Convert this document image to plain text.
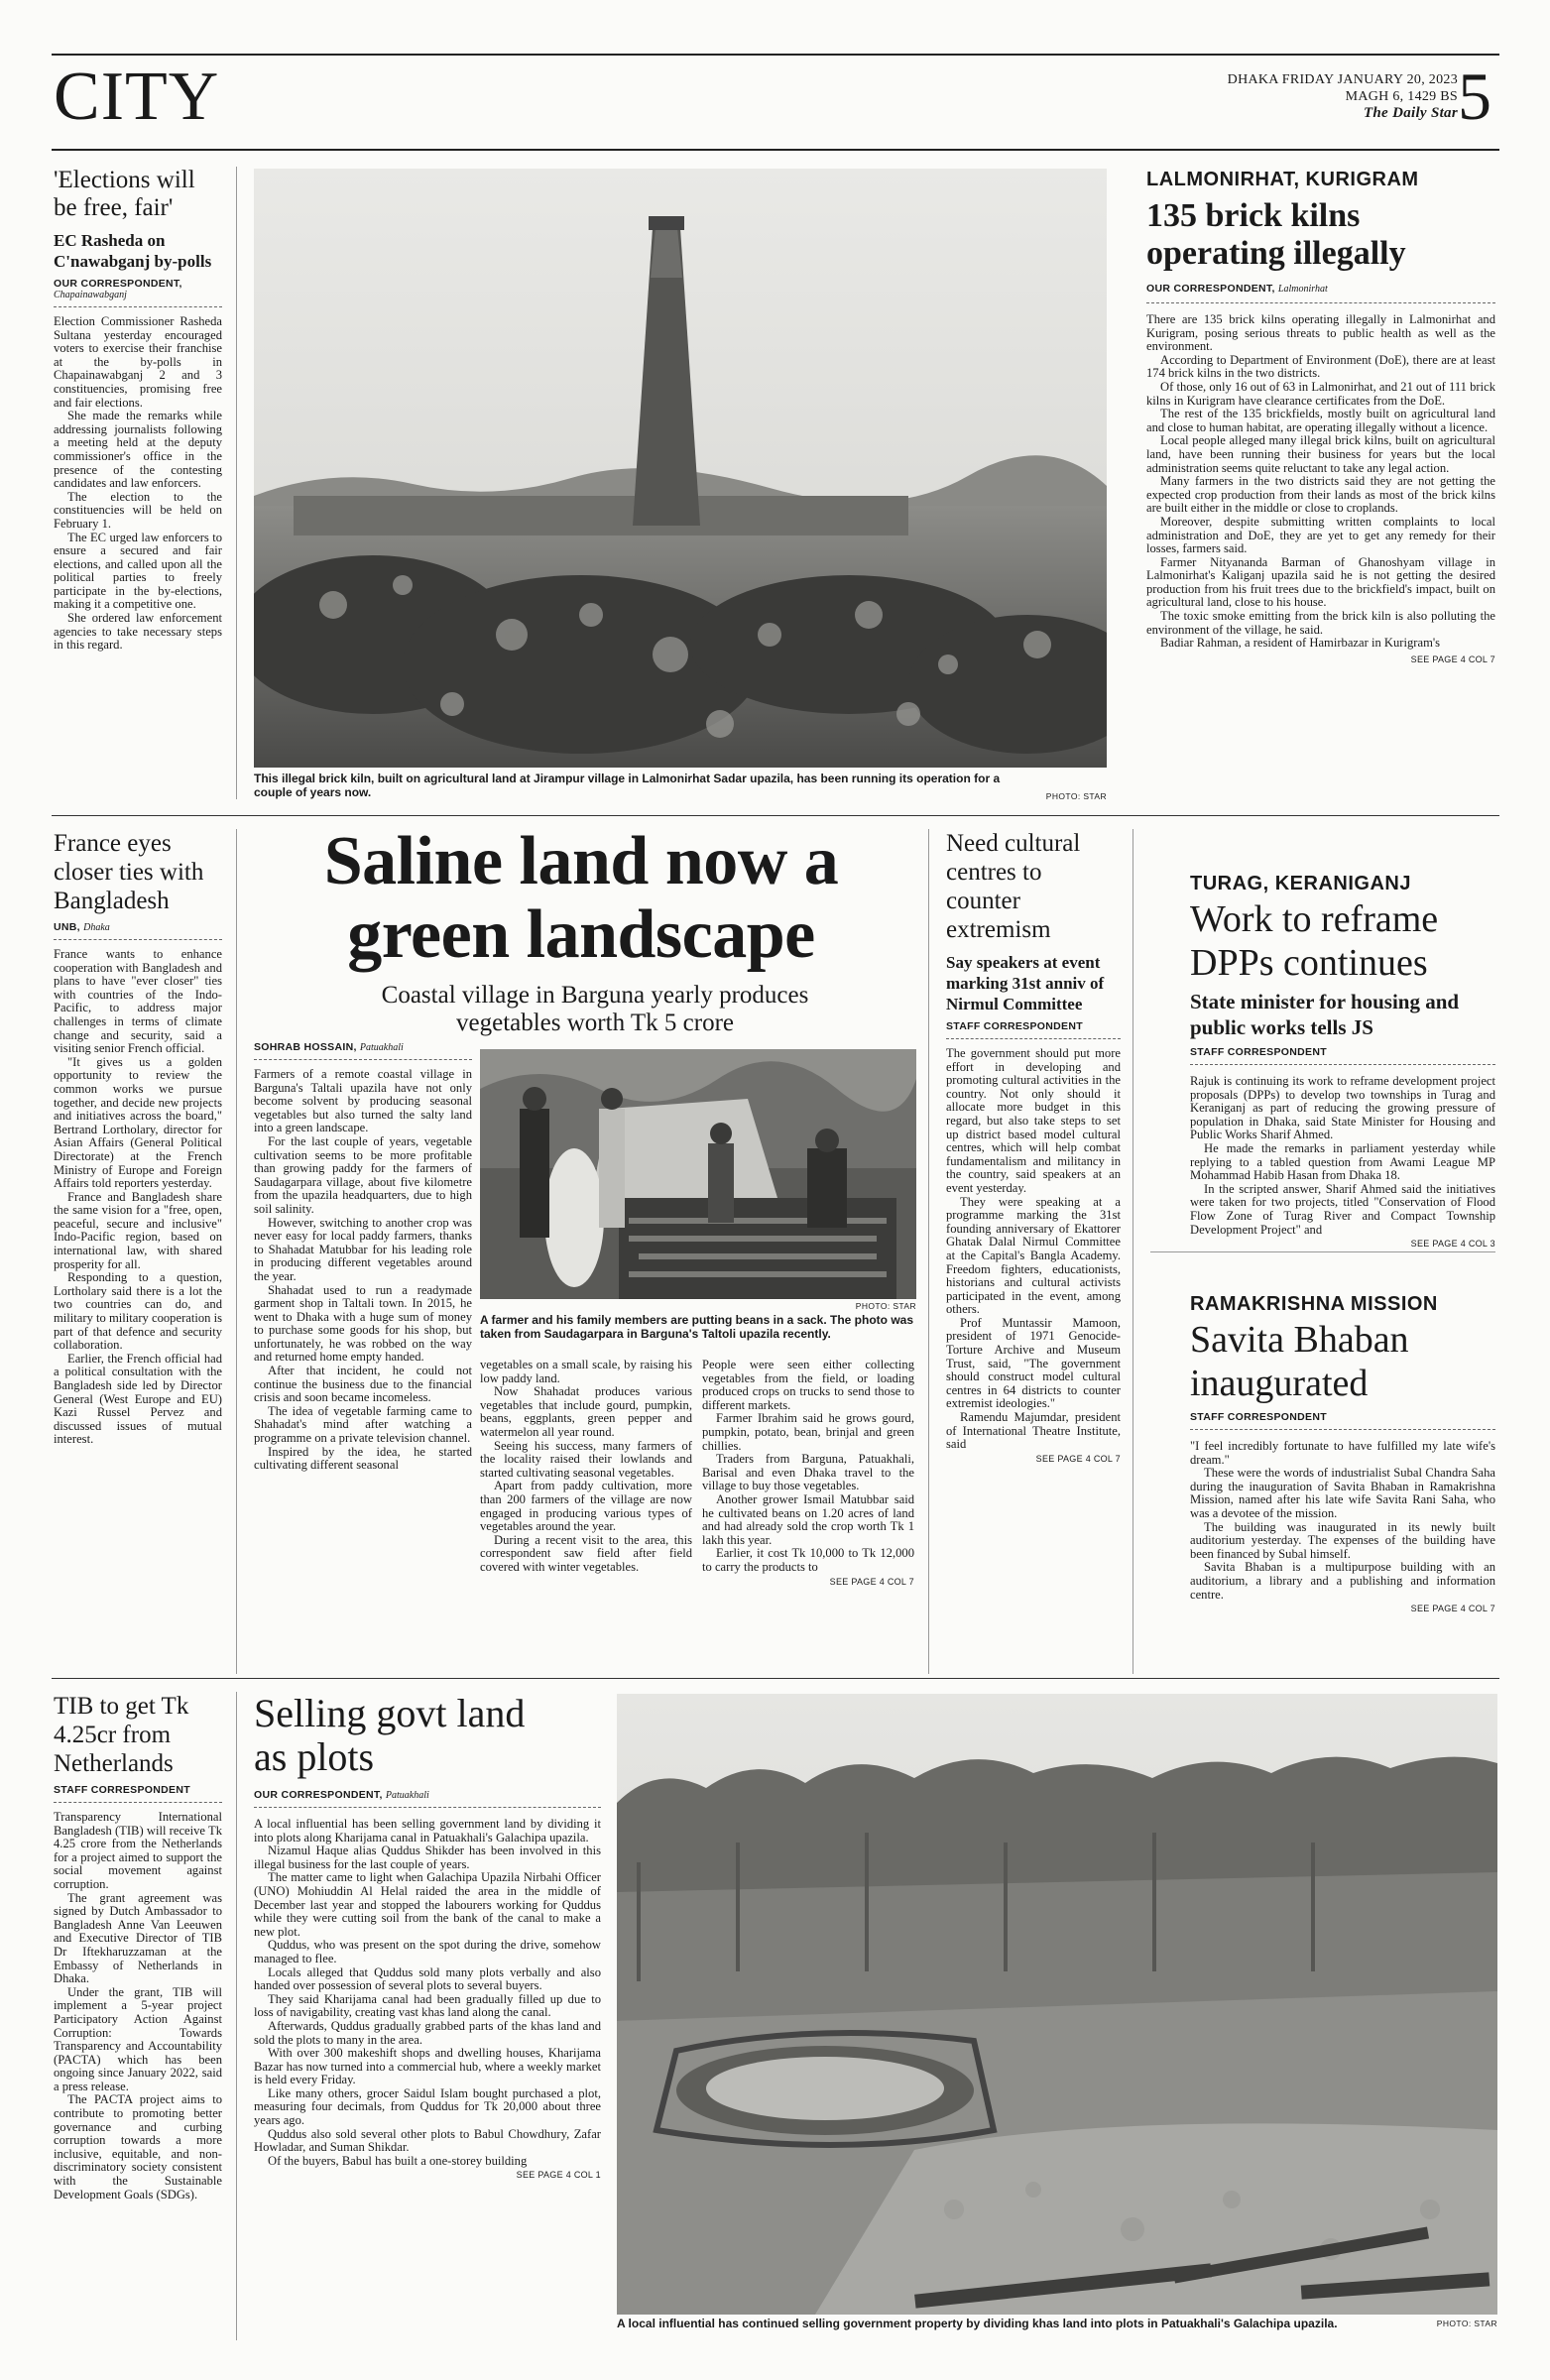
CITY	DHAKA FRIDAY JANUARY 20, 2023
MAGH 6, 1429 BS
The Daily Star 5
'Elections will be free, fair'
EC Rasheda on C'nawabganj by-polls
OUR CORRESPONDENT,
Chapainawabganj

Election Commissioner Rasheda Sultana yesterday encouraged voters to exercise their franchise at the by-polls in Chapainawabganj 2 and 3 constituencies, promising free and fair elections.

She made the remarks while addressing journalists following a meeting held at the deputy commissioner's office in the presence of the contesting candidates and law enforcers.

The election to the constituencies will be held on February 1.

The EC urged law enforcers to ensure a secured and fair elections, and called upon all the political parties to freely participate in the by-elections, making it a competitive one.

She ordered law enforcement agencies to take necessary steps in this regard.

This illegal brick kiln, built on agricultural land at Jirampur village in Lalmonirhat Sadar upazila, has been running its operation for a couple of years now.	PHOTO: STAR
LALMONIRHAT, KURIGRAM
135 brick kilns operating illegally
OUR CORRESPONDENT, Lalmonirhat

There are 135 brick kilns operating illegally in Lalmonirhat and Kurigram, posing serious threats to public health as well as the environment.

According to Department of Environment (DoE), there are at least 174 brick kilns in the two districts.

Of those, only 16 out of 63 in Lalmonirhat, and 21 out of 111 brick kilns in Kurigram have clearance certificates from the DoE.

The rest of the 135 brickfields, mostly built on agricultural land and close to human habitat, are operating illegally without a licence.

Local people alleged many illegal brick kilns, built on agricultural land, have been running their business for years but the local administration seems quite reluctant to take any legal action.

Many farmers in the two districts said they are not getting the expected crop production from their lands as most of the brick kilns are built either in the middle or close to croplands.

Moreover, despite submitting written complaints to local administration and DoE, they are yet to get any remedy for their losses, farmers said.

Farmer Nityananda Barman of Ghanoshyam village in Lalmonirhat's Kaliganj upazila said he is not getting the desired production from his fruit trees due to the brickfield's impact, built on agricultural land, close to his house.

The toxic smoke emitting from the brick kiln is also polluting the environment of the village, he said.

Badiar Rahman, a resident of Hamirbazar in Kurigram's

SEE PAGE 4 COL 7
France eyes closer ties with Bangladesh
UNB, Dhaka

France wants to enhance cooperation with Bangladesh and plans to have "ever closer" ties with countries of the Indo-Pacific, to address major challenges in terms of climate change and security, said a visiting senior French official.

"It gives us a golden opportunity to review the common works we pursue together, and decide new projects and initiatives across the board," Bertrand Lortholary, director for Asian Affairs (General Political Directorate) at the French Ministry of Europe and Foreign Affairs told reporters yesterday.

France and Bangladesh share the same vision for a "free, open, peaceful, secure and inclusive" Indo-Pacific region, based on international law, with shared prosperity for all.

Responding to a question, Lortholary said there is a lot the two countries can do, and military to military cooperation is part of that defence and security collaboration.

Earlier, the French official had a political consultation with the Bangladesh side led by Director General (West Europe and EU) Kazi Russel Pervez and discussed issues of mutual interest.

Saline land now a green landscape
Coastal village in Barguna yearly produces vegetables worth Tk 5 crore
SOHRAB HOSSAIN, Patuakhali

Farmers of a remote coastal village in Barguna's Taltali upazila have not only become solvent by producing seasonal vegetables but also turned the salty land into a green landscape.

For the last couple of years, vegetable cultivation seems to be more profitable than growing paddy for the farmers of Saudagarpara village, about five kilometre from the upazila headquarters, due to high soil salinity.

However, switching to another crop was never easy for local paddy farmers, thanks to Shahadat Matubbar for his leading role in producing different vegetables around the year.

Shahadat used to run a readymade garment shop in Taltali town. In 2015, he went to Dhaka with a huge sum of money to purchase some goods for his shop, but unfortunately, he was robbed on the way and returned home empty handed.

After that incident, he could not continue the business due to the financial crisis and soon became incomeless.

The idea of vegetable farming came to Shahadat's mind after watching a programme on a private television channel.

Inspired by the idea, he started cultivating different seasonal

PHOTO: STAR
A farmer and his family members are putting beans in a sack. The photo was taken from Saudagarpara in Barguna's Taltoli upazila recently.

vegetables on a small scale, by raising his low paddy land.

Now Shahadat produces various vegetables that include gourd, pumpkin, beans, eggplants, green pepper and watermelon all year round.

Seeing his success, many farmers of the locality raised their lowlands and started cultivating seasonal vegetables.

Apart from paddy cultivation, more than 200 farmers of the village are now engaged in producing various types of vegetables around the year.

During a recent visit to the area, this correspondent saw field after field covered with winter vegetables.

People were seen either collecting vegetables from the field, or loading produced crops on trucks to send those to different markets.

Farmer Ibrahim said he grows gourd, pumpkin, potato, bean, brinjal and green chillies.

Traders from Barguna, Patuakhali, Barisal and even Dhaka travel to the village to buy those vegetables.

Another grower Ismail Matubbar said he cultivated beans on 1.20 acres of land and had already sold the crop worth Tk 1 lakh this year.

Earlier, it cost Tk 10,000 to Tk 12,000 to carry the products to

SEE PAGE 4 COL 7
Need cultural centres to counter extremism
Say speakers at event marking 31st anniv of Nirmul Committee
STAFF CORRESPONDENT

The government should put more effort in developing and promoting cultural activities in the country. Not only should it allocate more budget in this regard, but also take steps to set up district based model cultural centres, which will help combat fundamentalism and militancy in the country, said speakers at an event yesterday.

They were speaking at a programme marking the 31st founding anniversary of Ekattorer Ghatak Dalal Nirmul Committee at the Capital's Bangla Academy. Freedom fighters, educationists, historians and cultural activists participated in the event, among others.

Prof Muntassir Mamoon, president of 1971 Genocide-Torture Archive and Museum Trust, said, "The government should construct model cultural centres in 64 districts to counter extremist ideologies."

Ramendu Majumdar, president of International Theatre Institute, said

SEE PAGE 4 COL 7
TURAG, KERANIGANJ
Work to reframe DPPs continues
State minister for housing and public works tells JS
STAFF CORRESPONDENT

Rajuk is continuing its work to reframe development project proposals (DPPs) to develop two townships in Turag and Keraniganj as part of reducing the growing pressure of population in Dhaka, said State Minister for Housing and Public Works Sharif Ahmed.

He made the remarks in parliament yesterday while replying to a tabled question from Awami League MP Mohammad Habib Hasan from Dhaka 18.

In the scripted answer, Sharif Ahmed said the initiatives were taken for two projects, titled "Conservation of Flood Flow Zone of Turag River and Compact Township Development Project" and

SEE PAGE 4 COL 3
RAMAKRISHNA MISSION
Savita Bhaban inaugurated
STAFF CORRESPONDENT

"I feel incredibly fortunate to have fulfilled my late wife's dream."

These were the words of industrialist Subal Chandra Saha during the inauguration of Savita Bhaban in Ramakrishna Mission, named after his late wife Savita Rani Saha, who was a devotee of the mission.

The building was inaugurated in its newly built auditorium yesterday. The expenses of the building have been financed by Subal himself.

Savita Bhaban is a multipurpose building with an auditorium, a library and a publishing and information centre.

SEE PAGE 4 COL 7
TIB to get Tk 4.25cr from Netherlands
STAFF CORRESPONDENT

Transparency International Bangladesh (TIB) will receive Tk 4.25 crore from the Netherlands for a project aimed to support the social movement against corruption.

The grant agreement was signed by Dutch Ambassador to Bangladesh Anne Van Leeuwen and Executive Director of TIB Dr Iftekharuzzaman at the Embassy of Netherlands in Dhaka.

Under the grant, TIB will implement a 5-year project Participatory Action Against Corruption: Towards Transparency and Accountability (PACTA) which has been ongoing since January 2022, said a press release.

The PACTA project aims to contribute to promoting better governance and curbing corruption towards a more inclusive, equitable, and non-discriminatory society consistent with the Sustainable Development Goals (SDGs).

Selling govt land as plots
OUR CORRESPONDENT, Patuakhali

A local influential has been selling government land by dividing it into plots along Kharijama canal in Patuakhali's Galachipa upazila.

Nizamul Haque alias Quddus Shikder has been involved in this illegal business for the last couple of years.

The matter came to light when Galachipa Upazila Nirbahi Officer (UNO) Mohiuddin Al Helal raided the area in the middle of December last year and stopped the labourers working for Quddus while they were cutting soil from the bank of the canal to make a new plot.

Quddus, who was present on the spot during the drive, somehow managed to flee.

Locals alleged that Quddus sold many plots verbally and also handed over possession of several plots to several buyers.

They said Kharijama canal had been gradually filled up due to loss of navigability, creating vast khas land along the canal.

Afterwards, Quddus gradually grabbed parts of the khas land and sold the plots to many in the area.

With over 300 makeshift shops and dwelling houses, Kharijama Bazar has now turned into a commercial hub, where a weekly market is held every Friday.

Like many others, grocer Saidul Islam bought purchased a plot, measuring four decimals, from Quddus for Tk 20,000 about three years ago.

Quddus also sold several other plots to Babul Chowdhury, Zafar Howladar, and Suman Shikdar.

Of the buyers, Babul has built a one-storey building

SEE PAGE 4 COL 1
A local influential has continued selling government property by dividing khas land into plots in Patuakhali's Galachipa upazila.	PHOTO: STAR
